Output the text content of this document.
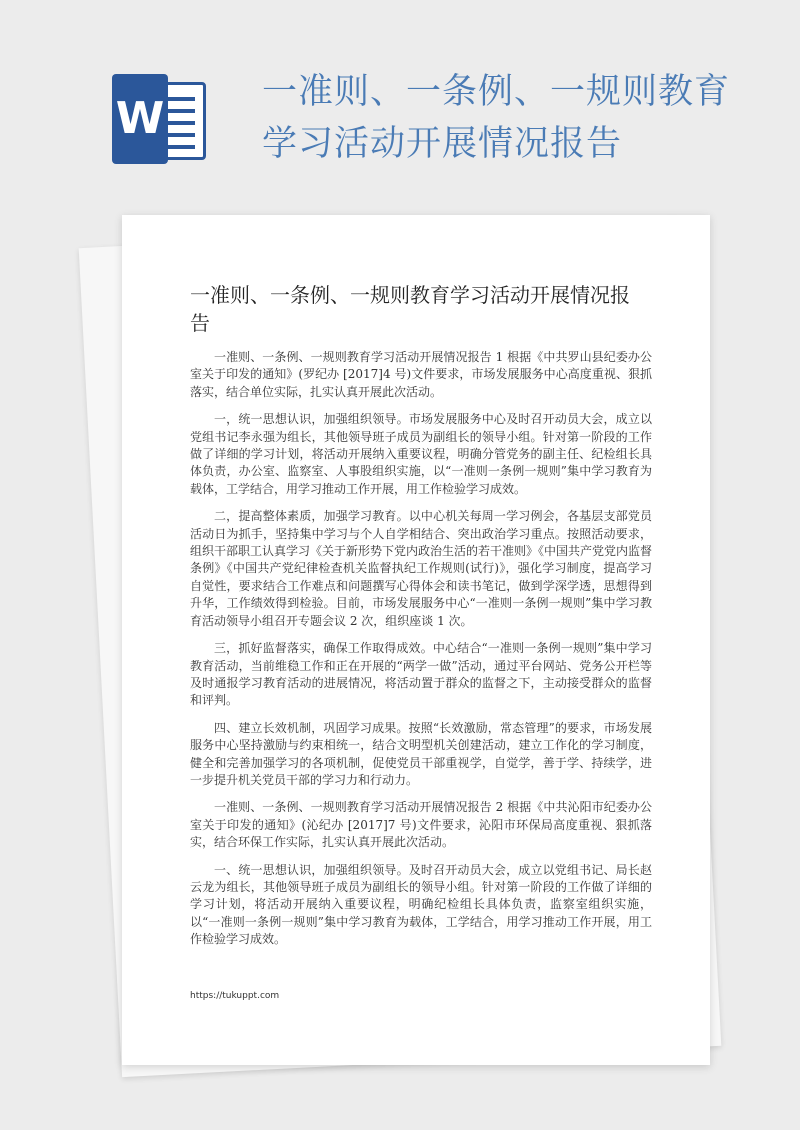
W
一准则、一条例、一规则教育
学习活动开展情况报告
一准则、一条例、一规则教育学习活动开展情况报告

一准则、一条例、一规则教育学习活动开展情况报告 1 根据《中共罗山县纪委办公室关于印发的通知》(罗纪办 [2017]4 号)文件要求，市场发展服务中心高度重视、狠抓落实，结合单位实际，扎实认真开展此次活动。

一，统一思想认识，加强组织领导。市场发展服务中心及时召开动员大会，成立以党组书记李永强为组长，其他领导班子成员为副组长的领导小组。针对第一阶段的工作做了详细的学习计划，将活动开展纳入重要议程，明确分管党务的副主任、纪检组长具体负责，办公室、监察室、人事股组织实施，以“一准则一条例一规则”集中学习教育为载体，工学结合，用学习推动工作开展，用工作检验学习成效。

二，提高整体素质，加强学习教育。以中心机关每周一学习例会，各基层支部党员活动日为抓手，坚持集中学习与个人自学相结合、突出政治学习重点。按照活动要求，组织干部职工认真学习《关于新形势下党内政治生活的若干准则》《中国共产党党内监督条例》《中国共产党纪律检查机关监督执纪工作规则(试行)》，强化学习制度，提高学习自觉性，要求结合工作难点和问题撰写心得体会和读书笔记，做到学深学透，思想得到升华，工作绩效得到检验。目前，市场发展服务中心“一准则一条例一规则”集中学习教育活动领导小组召开专题会议 2 次，组织座谈 1 次。

三，抓好监督落实，确保工作取得成效。中心结合“一准则一条例一规则”集中学习教育活动，当前维稳工作和正在开展的“两学一做”活动，通过平台网站、党务公开栏等及时通报学习教育活动的进展情况，将活动置于群众的监督之下，主动接受群众的监督和评判。

四、建立长效机制，巩固学习成果。按照“长效激励，常态管理”的要求，市场发展服务中心坚持激励与约束相统一，结合文明型机关创建活动，建立工作化的学习制度，健全和完善加强学习的各项机制，促使党员干部重视学，自觉学，善于学、持续学，进一步提升机关党员干部的学习力和行动力。

一准则、一条例、一规则教育学习活动开展情况报告 2 根据《中共沁阳市纪委办公室关于印发的通知》(沁纪办 [2017]7 号)文件要求，沁阳市环保局高度重视、狠抓落实，结合环保工作实际，扎实认真开展此次活动。

一、统一思想认识，加强组织领导。及时召开动员大会，成立以党组书记、局长赵云龙为组长，其他领导班子成员为副组长的领导小组。针对第一阶段的工作做了详细的学习计划，将活动开展纳入重要议程，明确纪检组长具体负责，监察室组织实施，以“一准则一条例一规则”集中学习教育为载体，工学结合，用学习推动工作开展，用工作检验学习成效。

https://tukuppt.com
